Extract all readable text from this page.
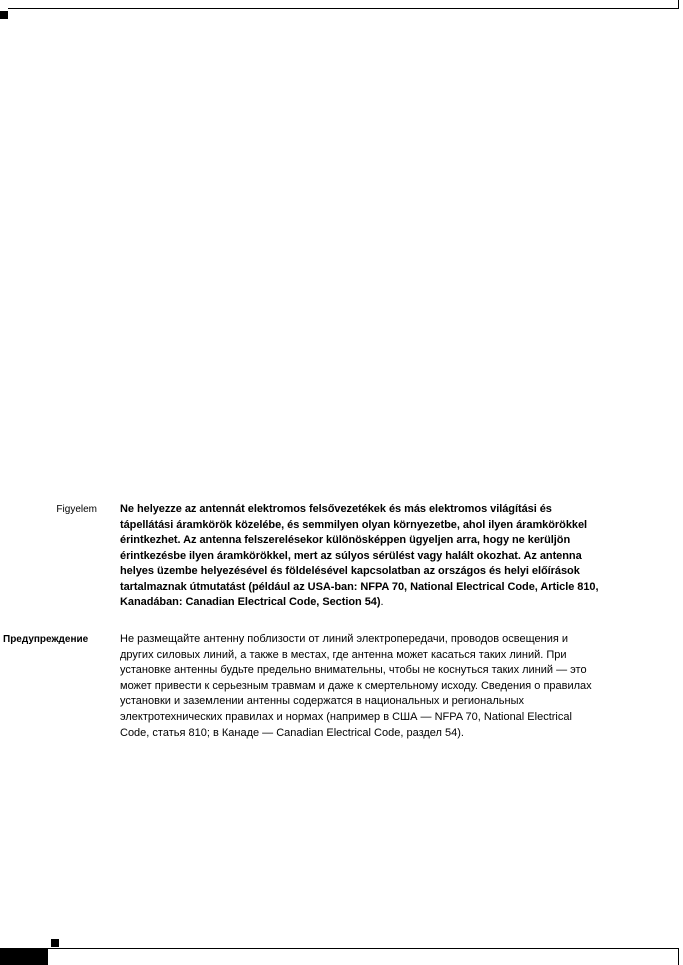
Figyelem Ne helyezze az antennát elektromos felsővezetékek és más elektromos világítási és
tápellátási áramkörök közelébe, és semmilyen olyan környezetbe, ahol ilyen áramkörökkel
érintkezhet. Az antenna felszerelésekor különösképpen ügyeljen arra, hogy ne kerüljön
érintkezésbe ilyen áramkörökkel, mert az súlyos sérülést vagy halált okozhat. Az antenna
helyes üzembe helyezésével és földelésével kapcsolatban az országos és helyi előírások
tartalmaznak útmutatást (például az USA-ban: NFPA 70, National Electrical Code, Article 810,
Kanadában: Canadian Electrical Code, Section 54).
Предупреждение	Не размещайте антенну поблизости от линий электропередачи, проводов освещения и
других силовых линий, а также в местах, где антенна может касаться таких линий. При
установке антенны будьте предельно внимательны, чтобы не коснуться таких линий — это
может привести к серьезным травмам и даже к смертельному исходу. Сведения о правилах
установки и заземлении антенны содержатся в национальных и региональных
электротехнических правилах и нормах (например в США — NFPA 70, National Electrical
Code, статья 810; в Канаде — Canadian Electrical Code, раздел 54).
